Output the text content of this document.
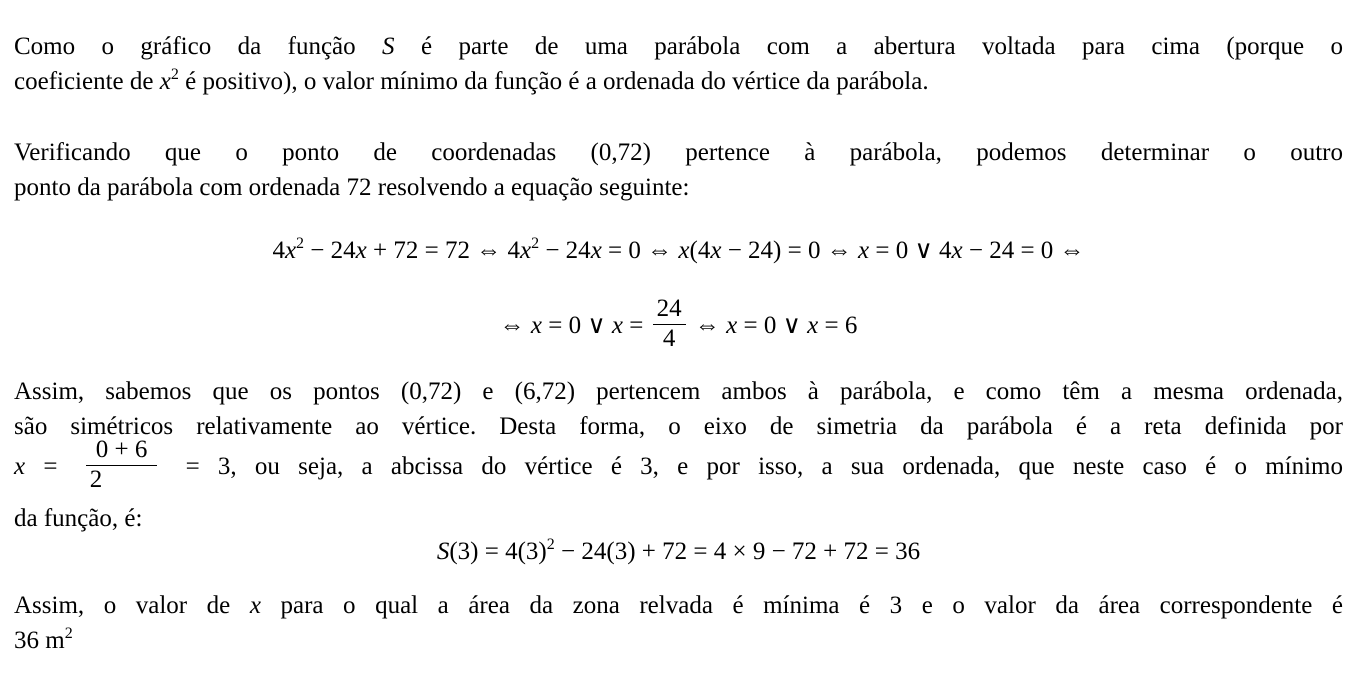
Como o gráfico da função S é parte de uma parábola com a abertura voltada para cima (porque o
coeficiente de $x^2$ é positivo), o valor mínimo da função é a ordenada do vértice da parábola.
Verificando que o ponto de coordenadas (0,72) pertence à parábola, podemos determinar o outro
ponto da parábola com ordenada 72 resolvendo a equação seguinte:
$4x^2 - 24x + 72 = 72$ ⇔ $4x^2 - 24x = 0$ ⇔ x(4x − 24) = 0 ⇔ x = 0 ∨ 4x − 24 = 0 ⇔
⇔ x = 0 ∨ $x = \frac{24}{4}$ ⇔ x = 0 ∨ x = 6
Assim, sabemos que os pontos (0,72) e (6,72) pertencem ambos à parábola, e como têm a mesma ordenada,
são simétricos relativamente ao vértice. Desta forma, o eixo de simetria da parábola é a reta definida por
$x = \frac{0 + 6}{2} = 3$, ou seja, a abcissa do vértice é 3, e por isso, a sua ordenada, que neste caso é o mínimo
da função, é:
$S(3) = 4(3)^2 - 24(3) + 72 = 4 \times 9 - 72 + 72 = 36$
Assim, o valor de x para o qual a área da zona relvada é mínima é 3 e o valor da área correspondente é
36 $m^2$
